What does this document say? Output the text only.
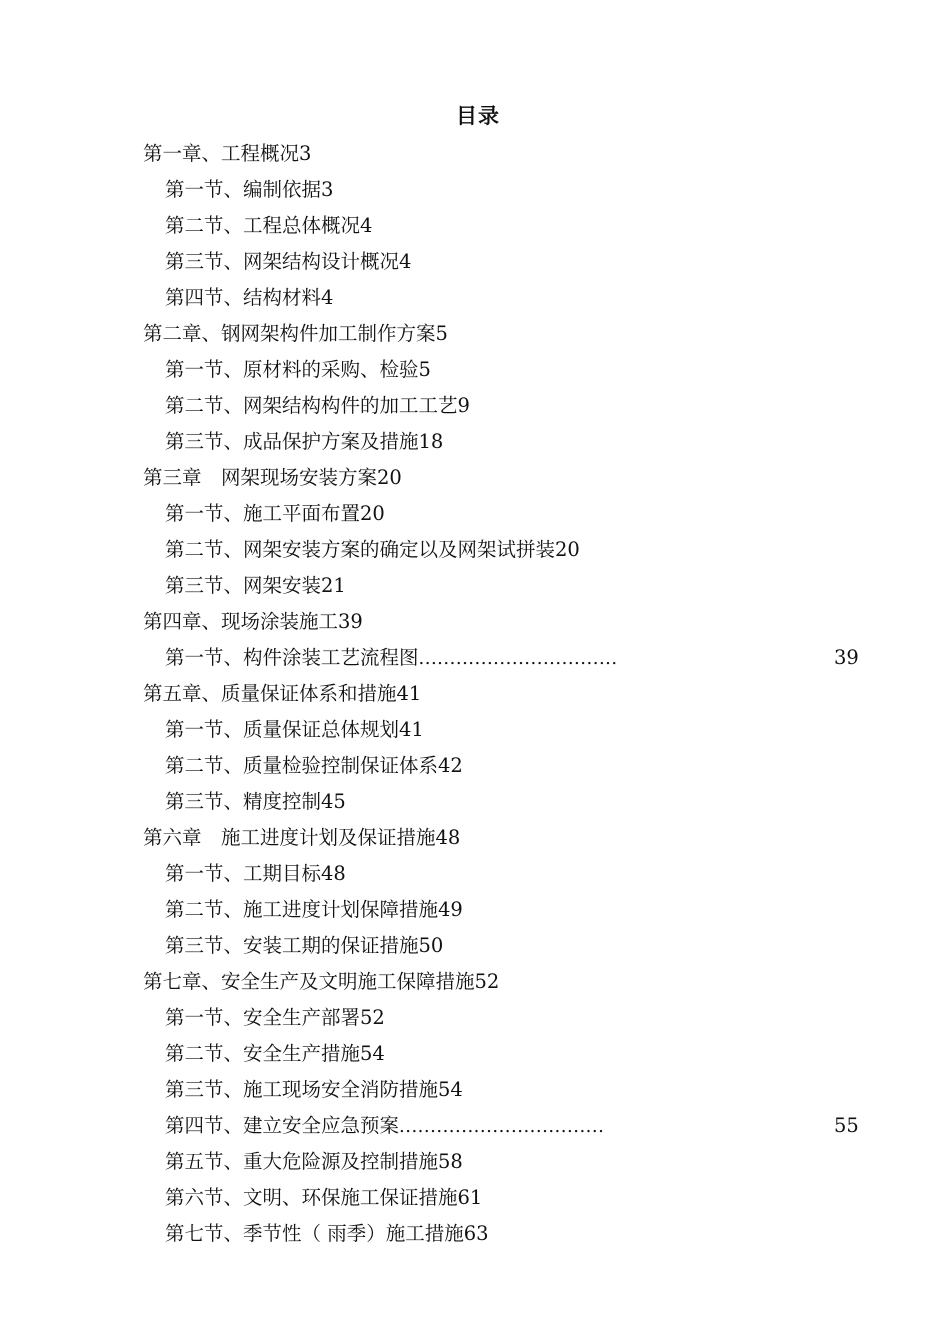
目录
第一章、工程概况3
第一节、编制依据3
第二节、工程总体概况4
第三节、网架结构设计概况4
第四节、结构材料4
第二章、钢网架构件加工制作方案5
第一节、原材料的采购、检验5
第二节、网架结构构件的加工工艺9
第三节、成品保护方案及措施18
第三章　网架现场安装方案20
第一节、施工平面布置20
第二节、网架安装方案的确定以及网架试拼装20
第三节、网架安装21
第四章、现场涂装施工39
第一节、构件涂装工艺流程图................................	39
第五章、质量保证体系和措施41
第一节、质量保证总体规划41
第二节、质量检验控制保证体系42
第三节、精度控制45
第六章　施工进度计划及保证措施48
第一节、工期目标48
第二节、施工进度计划保障措施49
第三节、安装工期的保证措施50
第七章、安全生产及文明施工保障措施52
第一节、安全生产部署52
第二节、安全生产措施54
第三节、施工现场安全消防措施54
第四节、建立安全应急预案.................................	55
第五节、重大危险源及控制措施58
第六节、文明、环保施工保证措施61
第七节、季节性（ 雨季）施工措施63
